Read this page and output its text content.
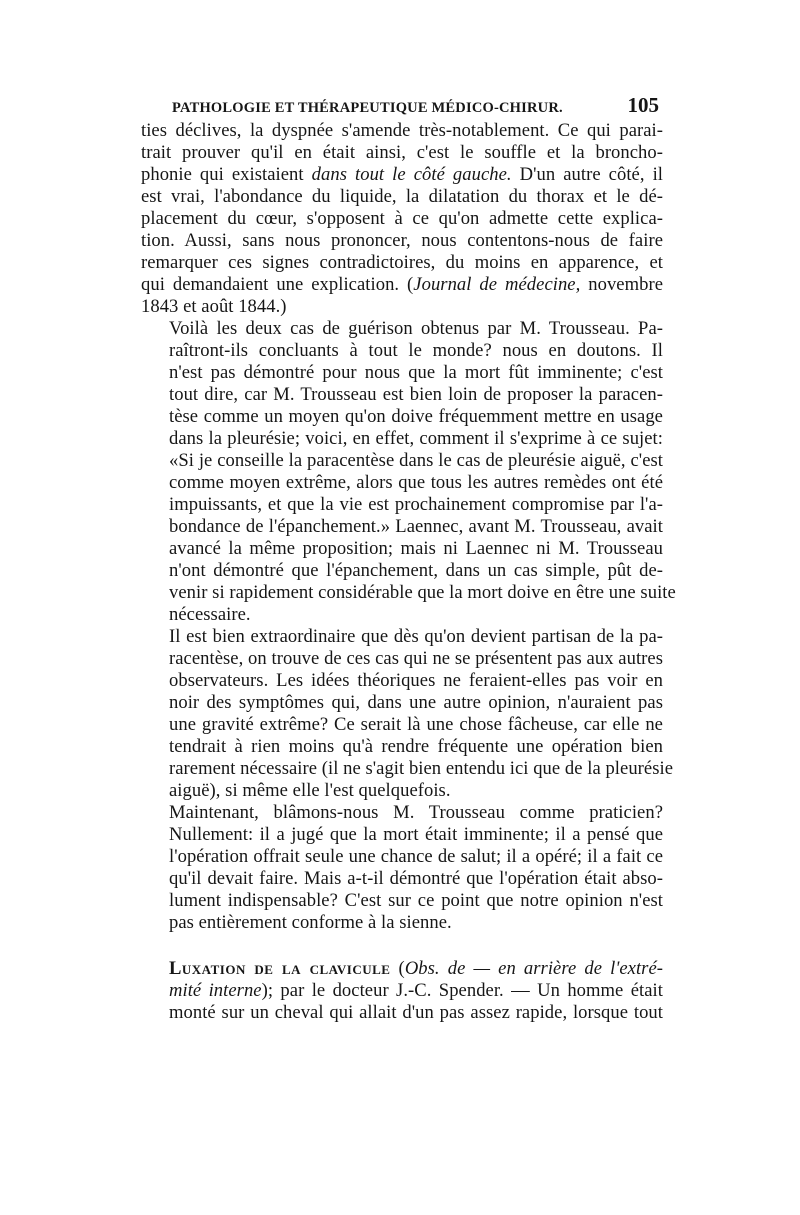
PATHOLOGIE ET THÉRAPEUTIQUE MÉDICO-CHIRUR.	105

ties déclives, la dyspnée s'amende très-notablement. Ce qui parai-
trait prouver qu'il en était ainsi, c'est le souffle et la broncho-
phonie qui existaient dans tout le côté gauche. D'un autre côté, il
est vrai, l'abondance du liquide, la dilatation du thorax et le dé-
placement du cœur, s'opposent à ce qu'on admette cette explica-
tion. Aussi, sans nous prononcer, nous contentons-nous de faire
remarquer ces signes contradictoires, du moins en apparence, et
qui demandaient une explication. (Journal de médecine, novembre
1843 et août 1844.)

Voilà les deux cas de guérison obtenus par M. Trousseau. Pa-
raîtront-ils concluants à tout le monde? nous en doutons. Il
n'est pas démontré pour nous que la mort fût imminente; c'est
tout dire, car M. Trousseau est bien loin de proposer la paracen-
tèse comme un moyen qu'on doive fréquemment mettre en usage
dans la pleurésie; voici, en effet, comment il s'exprime à ce sujet:
«Si je conseille la paracentèse dans le cas de pleurésie aiguë, c'est
comme moyen extrême, alors que tous les autres remèdes ont été
impuissants, et que la vie est prochainement compromise par l'a-
bondance de l'épanchement.» Laennec, avant M. Trousseau, avait
avancé la même proposition; mais ni Laennec ni M. Trousseau
n'ont démontré que l'épanchement, dans un cas simple, pût de-
venir si rapidement considérable que la mort doive en être une suite
nécessaire.

Il est bien extraordinaire que dès qu'on devient partisan de la pa-
racentèse, on trouve de ces cas qui ne se présentent pas aux autres
observateurs. Les idées théoriques ne feraient-elles pas voir en
noir des symptômes qui, dans une autre opinion, n'auraient pas
une gravité extrême? Ce serait là une chose fâcheuse, car elle ne
tendrait à rien moins qu'à rendre fréquente une opération bien
rarement nécessaire (il ne s'agit bien entendu ici que de la pleurésie
aiguë), si même elle l'est quelquefois.

Maintenant, blâmons-nous M. Trousseau comme praticien?
Nullement: il a jugé que la mort était imminente; il a pensé que
l'opération offrait seule une chance de salut; il a opéré; il a fait ce
qu'il devait faire. Mais a-t-il démontré que l'opération était abso-
lument indispensable? C'est sur ce point que notre opinion n'est
pas entièrement conforme à la sienne.

Luxation de la clavicule (Obs. de — en arrière de l'extré-
mité interne); par le docteur J.-C. Spender. — Un homme était
monté sur un cheval qui allait d'un pas assez rapide, lorsque tout
